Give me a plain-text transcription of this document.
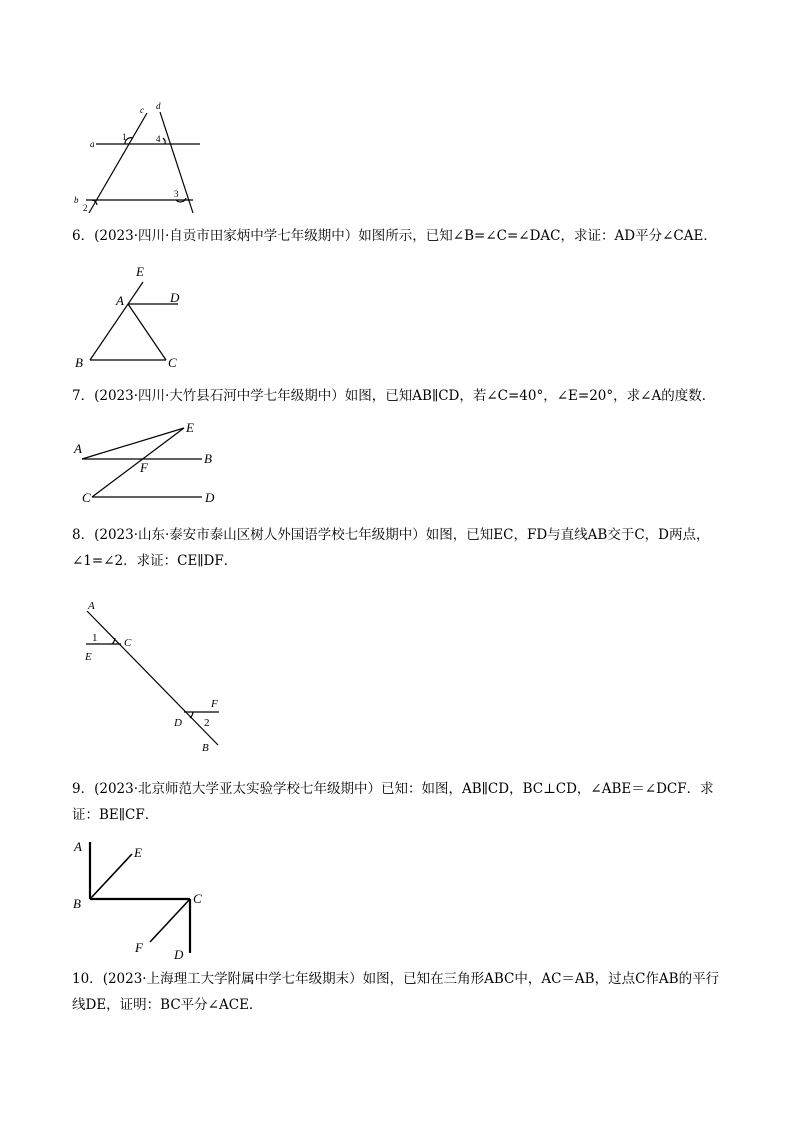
c d
a
b
1	4
3
2
6．(2023·四川·自贡市田家炳中学七年级期中）如图所示，已知∠B=∠C=∠DAC，求证：AD平分∠CAE．
E
A	D
B	C
7．(2023·四川·大竹县石河中学七年级期中）如图，已知AB∥CD，若∠C=40°，∠E=20°，求∠A的度数．
A
E
F
B
C	D
8．(2023·山东·泰安市泰山区树人外国语学校七年级期中）如图，已知EC，FD与直线AB交于C，D两点，∠1=∠2．求证：CE∥DF．
A
1 C
E
F
D 2
B
9．(2023·北京师范大学亚太实验学校七年级期中）已知：如图，AB∥CD，BC⊥CD，∠ABE＝∠DCF．求证：BE∥CF．
A	E
B	C
F D
10．(2023·上海理工大学附属中学七年级期末）如图，已知在三角形ABC中，AC＝AB，过点C作AB的平行线DE，证明：BC平分∠ACE．
